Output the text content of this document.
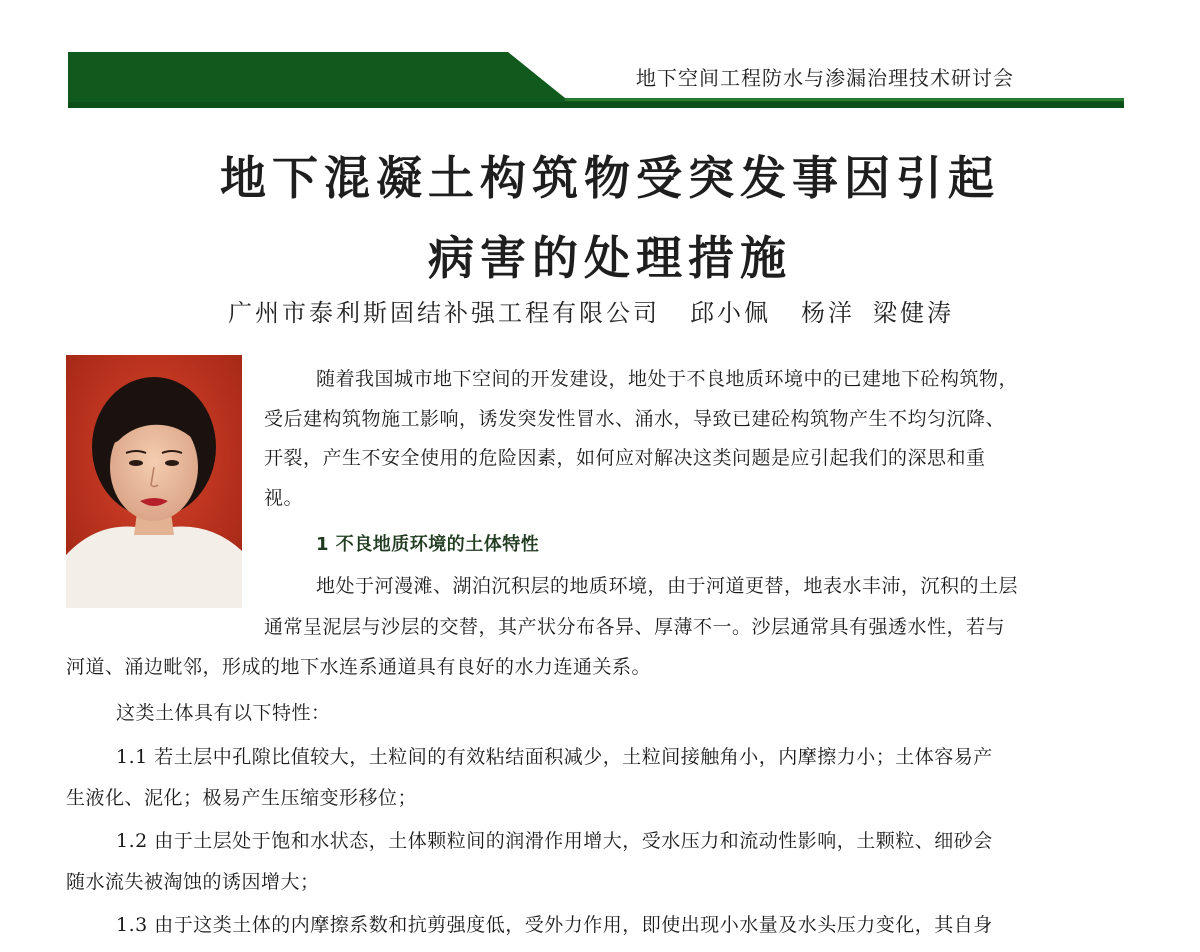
地下空间工程防水与渗漏治理技术研讨会
地下混凝土构筑物受突发事因引起
病害的处理措施
广州市泰利斯固结补强工程有限公司 邱小佩 杨洋 梁健涛
随着我国城市地下空间的开发建设，地处于不良地质环境中的已建地下砼构筑物，
受后建构筑物施工影响，诱发突发性冒水、涌水，导致已建砼构筑物产生不均匀沉降、
开裂，产生不安全使用的危险因素，如何应对解决这类问题是应引起我们的深思和重
视。
1 不良地质环境的土体特性
地处于河漫滩、湖泊沉积层的地质环境，由于河道更替，地表水丰沛，沉积的土层
通常呈泥层与沙层的交替，其产状分布各异、厚薄不一。沙层通常具有强透水性，若与
河道、涌边毗邻，形成的地下水连系通道具有良好的水力连通关系。
这类土体具有以下特性：
1.1 若土层中孔隙比值较大，土粒间的有效粘结面积减少，土粒间接触角小，内摩擦力小；土体容易产
生液化、泥化；极易产生压缩变形移位；
1.2 由于土层处于饱和水状态，土体颗粒间的润滑作用增大，受水压力和流动性影响，土颗粒、细砂会
随水流失被淘蚀的诱因增大；
1.3 由于这类土体的内摩擦系数和抗剪强度低，受外力作用，即使出现小水量及水头压力变化，其自身
